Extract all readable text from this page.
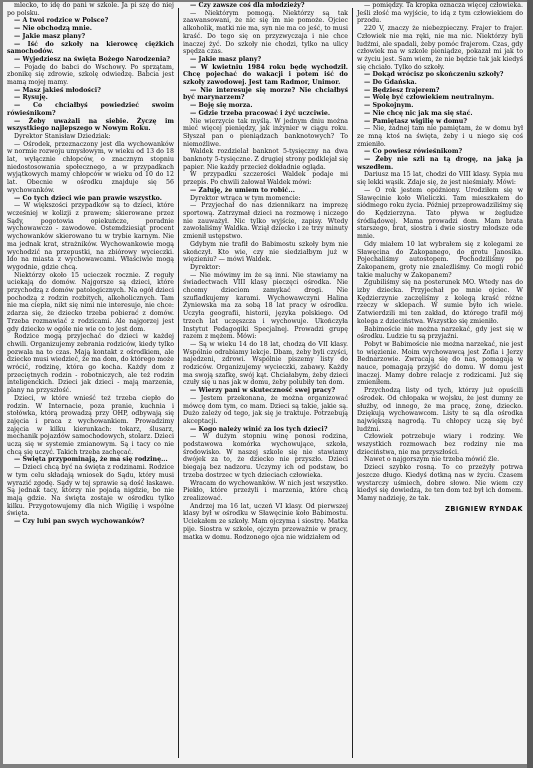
mlecko, to idę do pani w szkole. Ja pi szę do niej po polsku.

— A twoi rodzice w Polsce?

— Nie obchodzą mnie.

— Jakie masz plany?

— Iść do szkoły na kierowcę ciężkich samochodów.

— Wyjedziesz na święta Bożego Narodzenia?

— Pojadę do babci do Wschowy. Po sprzątam, zbonikę się zdrowie, szkolę odwiedzę. Babcia jest mamą mojej mamy.

— Masz jakieś młodości?

— Rysuję.

— Co chciałbyś powiedzieć swoim rówieśnikom?

— Żeby uważali na siebie. Życzę im wszystkiego najlepszego w Nowym Roku.

Dyrektor Stanisław Dziedziak:

— Ośrodek, przeznaczony jest dla wychowanków w normie rozwoju umysłowym, w wieku od 13 do 18 lat, wyłącznie chłopców, o znacznym stopniu niedostosowania społecznego, a w przypadkach wyjątkowych mamy chłopców w wieku od 10 do 12 lat. Obecnie w ośrodku znajduje się 56 wychowanków.

— Co tych dzieci wie pan prawie wszystko.

— W większości przypadków są to dzieci, które wcześniej w kolizji z prawem; skierowane przez Sądy, pogotowia opiekuńcze, poradnie wychowawczo - zawodowe. Ostemdziesiąt procent wychowanków skierowano tu w trybie karnym. Nie ma jednak krat, strażników. Wychowankowie mogą wychodzić na przepustki, na zbiórowy wycieczki. Ido na miasta z wychowawcami. Właściwie mogą wygodnie, gdzie chcą.

Niektórzy około 15 ucieczek rocznie. Z reguły uciekają do domów. Najgorsze są dzieci, które przychodzą z domów patologicznych. Na ogół dzieci pochodzą z rodzin rozbitych, alkoholicznych. Tam nie ma ciepła, nikt się nimi nie interesuje, nie chce: zdarza się, że dziecko trzeba pobierać z domów. Trzeba rozmawiać z rodzicami. Ale najgorzej jest gdy dziecko w ogóle nie wie co to jest dom.

Rodzice mogą przyjechać do dzieci w każdej chwili. Organizujemy zebrania rodziców, kiedy tylko pozwala na to czas. Mają kontakt z ośrodkiem, ale dziecko musi wiedzieć, że ma dom, do którego może wrócić, rodzinę, która go kocha. Każdy dom z przeciętnych rodzin - robotniczych, ale też rodzin inteligenckich. Dzieci jak dzieci - mają marzenia, plany na przyszłość.

Dzieci, w które wnieść też trzeba ciepło do rodzin. W Internacie, poza pranie, kuchnia i stołówka, którą prowadzą przy OHP, odbywają się zajęcia i praca z wychowankiem. Prowadzimy zajęcia w kilku kierunkach: tokarz, ślusarz, mechanik pojazdów samochodowych, stolarz. Dzieci uczą się w systemie zmianowym. Są i tacy co nie chcą się uczyć. Takich trzeba zachęcać.

— Święta przypominają, że ma się rodzinę...

— Dzieci chcą być na święta z rodzinami. Rodzice w tym celu składają wniosek do Sądu, który musi wyrazić zgodę. Sądy w tej sprawie są dość łaskawe. Są jednak tacy, którzy nie pojadą nigdzie, bo nie mają gdzie. Na święta zostaje w ośrodku tylko kilku. Przygotowujemy dla nich Wigilię i wspólne święta.

— Czy lubi pan swych wychowanków?

— Czy zawsze coś dla młodzieży?

— Niektórym pomogą. Niektórzy są tak zaawansowani, że nic się im nie pomoże. Ojciec alkoholik, matki nie ma, syn nie ma co jeść, to musi kraść. Do tego się on przyzwyczaja i nie chce inaczej żyć. Do szkoły nie chodzi, tylko na ulicy spędza czas.

— Jakie masz plany?

— W kwietniu 1984 roku będę wychodził. Chcę pojechać do wakacji i potem iść do szkoły zawodowej. Jest tam Radmor, Unimor.

— Nie interesuje się morze? Nie chciałbyś być marynarzem?

— Boję się morza.

— Gdzie trzeba pracować i żyć uczciwie.

Nie wierzycie tak myślą. W jednym dniu można mieć więcej pieniędzy, jak inżynier w ciągu roku. Słyszał pan o pieniądzach banknotowych? To niemożliwe.

Waldek rozdzielał banknot 5-tysięczny na dwa banknoty 5-tysięczne. Z drugiej strony podklejał się papier. Nie każdy przecież dokładnie ogląda.

W przypadku szczerości Waldek podaje mi przepis. Po chwili żałował Waldek mówi:

— Załuję, że umiem to robić...

Dyrektor wtrąca w tym momencie:

— Przyjechał do nas dziennikarz na imprezę sportową. Zatrzymał dzieci na rozmowę i niczego nie zauważył. Nic tylko wyjście, zapisy. Wtedy zawołaliśmy Waldka. Wziął dziecko i ze trzy minuty zmienił ustępstwo.

Gdybym nie trafił do Babimostu szkoły bym nie skończył. Kto wie, czy nie siedziałbym już w więzieniu? — mówi Waldek.

Dyrektor:

— Nie mówimy im że są inni. Nie stawiamy na świadectwach VIII klasy pieczęci ośrodka. Nie chcemy dzieciom zamykać drogi. Nie szufladkujemy karami. Wychowawczyni Halina Żyniewska ma za sobą 18 lat pracy w ośrodku. Uczyła geografii, historii, języka polskiego. Od trzech lat uczęszcza i wychowuje. Ukończyła Instytut Pedagogiki Specjalnej. Prowadzi grupę razem z mężem. Mówi:

— Są w wieku 14 do 18 lat, chodzą do VII klasy. Wspólnie odrabiamy lekcje. Dbam, żeby byli czyści, najedzeni, zdrowi. Wspólnie piszemy listy do rodziców. Organizujemy wycieczki, zabawy. Każdy ma swoją szafkę, swój kąt. Chciałabym, żeby dzieci czuły się u nas jak w domu, żeby polubiły ten dom.

— Wierzy pani w skuteczność swej pracy?

— Jestem przekonana, że można organizować mówcę dom tym, co mam. Dzieci są takie, jakie są. Dużo zależy od tego, jak się je traktuje. Potrzebują akceptacji.

— Kogo należy winić za los tych dzieci?

— W dużym stopniu winę ponosi rodzina, podstawowa komórka wychowujące, szkoła, środowisko. W naszej szkole się nie stawiamy dwójek za to, że dziecko nie przyszło. Dzieci biegają bez nadzoru. Uczymy ich od podstaw, bo trzeba dostrzec w tych dzieciach człowieka.

Wracam do wychowanków. W nich jest wszystko. Piekło, które przeżyli i marzenia, które chcą zrealizować.

Andrzej ma 16 lat, uczeń VI klasy. Od pierwszej klasy był w ośrodku w Sławęcinie koło Babimostu. Uciekałem ze szkoły. Mam ojczyma i siostrę. Matka pije. Siostra w szkole, ojczym przeważnie w pracy, matka w domu. Rodzonego ojca nie widziałem od

— pomiędzy. Ta kropka oznacza więcej człowieka. Jeśli złość ma wyjście, to idą z tym człowiekiem do przodu.

220 V, znaczy że niebezpieczny. Frajer to frajer. Człowiek nie ma ręki, nie ma nic. Niektórzy byli ludźmi, ale spadali, żeby pomóc frajerom. Czas, gdy człowiek ma w szkole pieniądze, pokazał mi jak to w życiu jest. Sam wiem, że nie będzie tak jak kiedyś się chciało. Tylko do szkoły.

— Dokąd wrócisz po skończeniu szkoły?

— Do Gdańska.

— Będziesz frajerem?

— Wolę być człowiekiem neutralnym.

— Spokojnym.

— Nie chcę nic jak ma się stać.

— Pamiętasz wigilię w domu?

— Nie, żadnej tam nie pamiętam, że w domu był ze mną ktoś na święta, żeby i u niego się coś zmieniło.

— Co powiesz rówieśnikom?

— Żeby nie szli na tą drogę, na jaką ja wszedłem.

Dariusz ma 15 lat, chodzi do VIII klasy. Sypia mu się lekki wąsik. Zdaje się, że jest nieśmiały. Mówi:

— O rok jestem opóźniony. Urodziłem się w Sławęcinie koło Wieliczki. Tam mieszkałem do siódmego roku życia. Później przeprowadziliśmy się do Kędzierzyna. Tato pływa w żegludze śródlądowej. Mama prowadzi dom. Mam brata starszego, brat, siostra i dwie siostry młodsze ode mnie.

Gdy miałem 10 lat wybrałem się z kolegami ze Sławęcina do Zakopanego, do grotu Janosika. Pojechaliśmy autostopem. Pochodziliśmy po Zakopanem, groty nie znaleźliśmy. Co mogli robić takie maluchy w Zakopanem?

Zgubiliśmy się na posterunek MO. Wtedy nas do izby dziecka. Przyjechał po mnie ojciec. W Kędzierzynie zaczęliśmy z kolegą kraść różne rzeczy w sklepach. W sumie było ich wiele. Zatwierdzili mi ten zakład, do którego trafił mój kolega z dzieciństwa. Wszystko się zmieniło.

Babimoście nie można narzekać, gdy jest się w ośrodku. Ludzie tu są przyjaźni.

Pobyt w Babimoście nie można narzekać, nie jest to więzienie. Moim wychowawcą jest Zofia i Jerzy Bednarzowie. Zwracają się do nas, pomagają w nauce, pomagają przyjść do domu. W domu jest inaczej. Mamy dobre relacje z rodzicami. Już się zmieniłem.

Przychodzą listy od tych, którzy już opuścili ośrodek. Od chłopaka w wojsku, że jest dumny ze służby, od innego, że ma pracę, żonę, dziecko. Dziękują wychowawcom. Listy te są dla ośrodka największą nagrodą. Tu chłopcy uczą się być ludźmi.

Człowiek potrzebuje wiary i rodziny. We wszystkich rozmowach bez rodziny nie ma dzieciństwa, nie ma przyszłości.

Nawet o najgorszym nie trzeba mówić źle.

Dzieci szybko rosną. To co przeżyły potrwa jeszcze długo. Kiedyś dotkną nas w życiu. Czasem wystarczy uśmiech, dobre słowo. Nie wiem czy kiedyś się dowiedzą, że ten dom też był ich domem. Mamy nadzieję, że tak.

ZBIGNIEW RYNDAK
